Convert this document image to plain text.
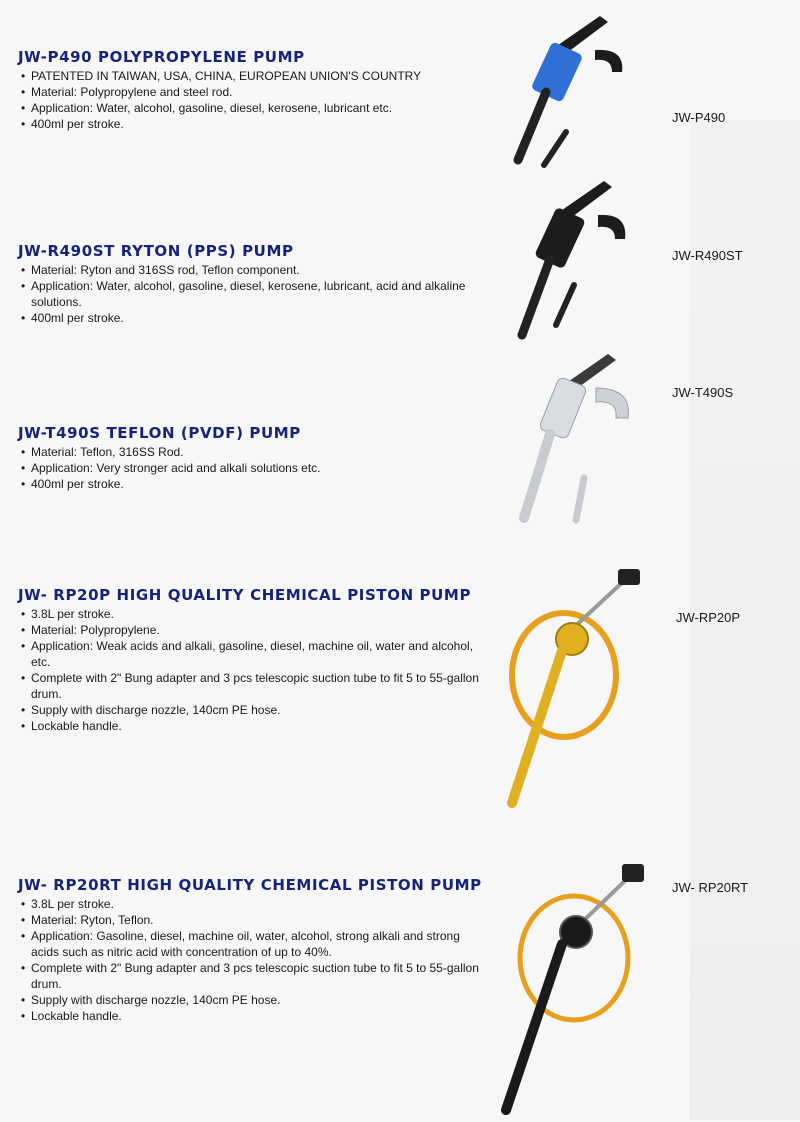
JW-P490 POLYPROPYLENE PUMP
• PATENTED IN TAIWAN, USA, CHINA, EUROPEAN UNION'S COUNTRY
• Material: Polypropylene and steel rod.
• Application: Water, alcohol, gasoline, diesel, kerosene, lubricant etc.
• 400ml per stroke.	JW-P490
JW-R490ST RYTON (PPS) PUMP
• Material: Ryton and 316SS rod, Teflon component.
• Application: Water, alcohol, gasoline, diesel, kerosene, lubricant, acid and alkaline solutions.
• 400ml per stroke.
JW-R490ST
JW-T490S TEFLON (PVDF) PUMP
• Material: Teflon, 316SS Rod.
• Application: Very stronger acid and alkali solutions etc.
• 400ml per stroke.
JW-T490S
JW- RP20P HIGH QUALITY CHEMICAL PISTON PUMP
• 3.8L per stroke.
• Material: Polypropylene.
• Application: Weak acids and alkali, gasoline, diesel, machine oil, water and alcohol, etc.
• Complete with 2" Bung adapter and 3 pcs telescopic suction tube to fit 5 to 55-gallon drum.
• Supply with discharge nozzle, 140cm PE hose.
• Lockable handle.
JW-RP20P
JW- RP20RT HIGH QUALITY CHEMICAL PISTON PUMP
• 3.8L per stroke.
• Material: Ryton, Teflon.
• Application: Gasoline, diesel, machine oil, water, alcohol, strong alkali and strong acids such as nitric acid with concentration of up to 40%.
• Complete with 2" Bung adapter and 3 pcs telescopic suction tube to fit 5 to 55-gallon drum.
• Supply with discharge nozzle, 140cm PE hose.
• Lockable handle.
JW- RP20RT
